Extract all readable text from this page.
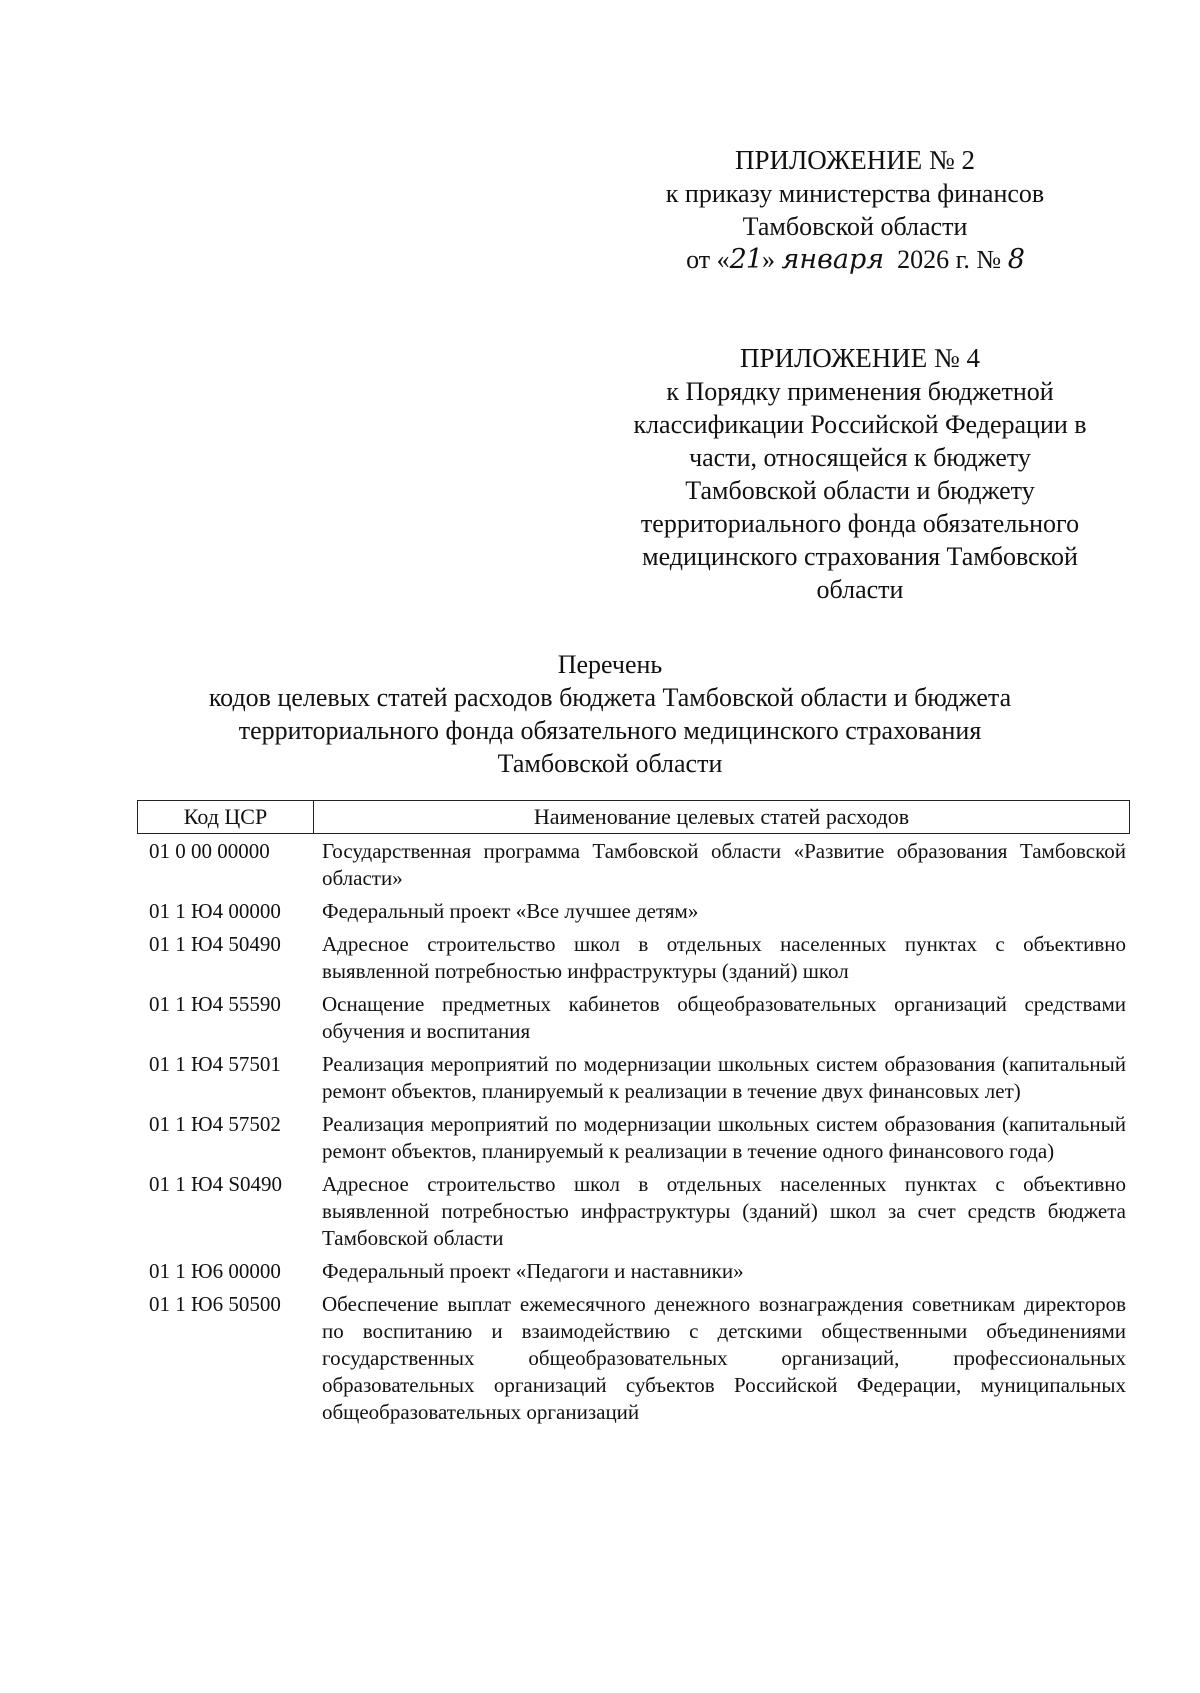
ПРИЛОЖЕНИЕ № 2
к приказу министерства финансов
Тамбовской области
от «21» января 2026 г. № 8
ПРИЛОЖЕНИЕ № 4
к Порядку применения бюджетной
классификации Российской Федерации в
части, относящейся к бюджету
Тамбовской области и бюджету
территориального фонда обязательного
медицинского страхования Тамбовской
области
Перечень
кодов целевых статей расходов бюджета Тамбовской области и бюджета
территориального фонда обязательного медицинского страхования
Тамбовской области
Код ЦСР	Наименование целевых статей расходов
01 0 00 00000	Государственная программа Тамбовской области «Развитие образования Тамбовской области»
01 1 Ю4 00000	Федеральный проект «Все лучшее детям»
01 1 Ю4 50490	Адресное строительство школ в отдельных населенных пунктах с объективно выявленной потребностью инфраструктуры (зданий) школ
01 1 Ю4 55590	Оснащение предметных кабинетов общеобразовательных организаций средствами обучения и воспитания
01 1 Ю4 57501	Реализация мероприятий по модернизации школьных систем образования (капитальный ремонт объектов, планируемый к реализации в течение двух финансовых лет)
01 1 Ю4 57502	Реализация мероприятий по модернизации школьных систем образования (капитальный ремонт объектов, планируемый к реализации в течение одного финансового года)
01 1 Ю4 S0490	Адресное строительство школ в отдельных населенных пунктах с объективно выявленной потребностью инфраструктуры (зданий) школ за счет средств бюджета Тамбовской области
01 1 Ю6 00000	Федеральный проект «Педагоги и наставники»
01 1 Ю6 50500	Обеспечение выплат ежемесячного денежного вознаграждения советникам директоров по воспитанию и взаимодействию с детскими общественными объединениями государственных общеобразовательных организаций, профессиональных образовательных организаций субъектов Российской Федерации, муниципальных общеобразовательных организаций
